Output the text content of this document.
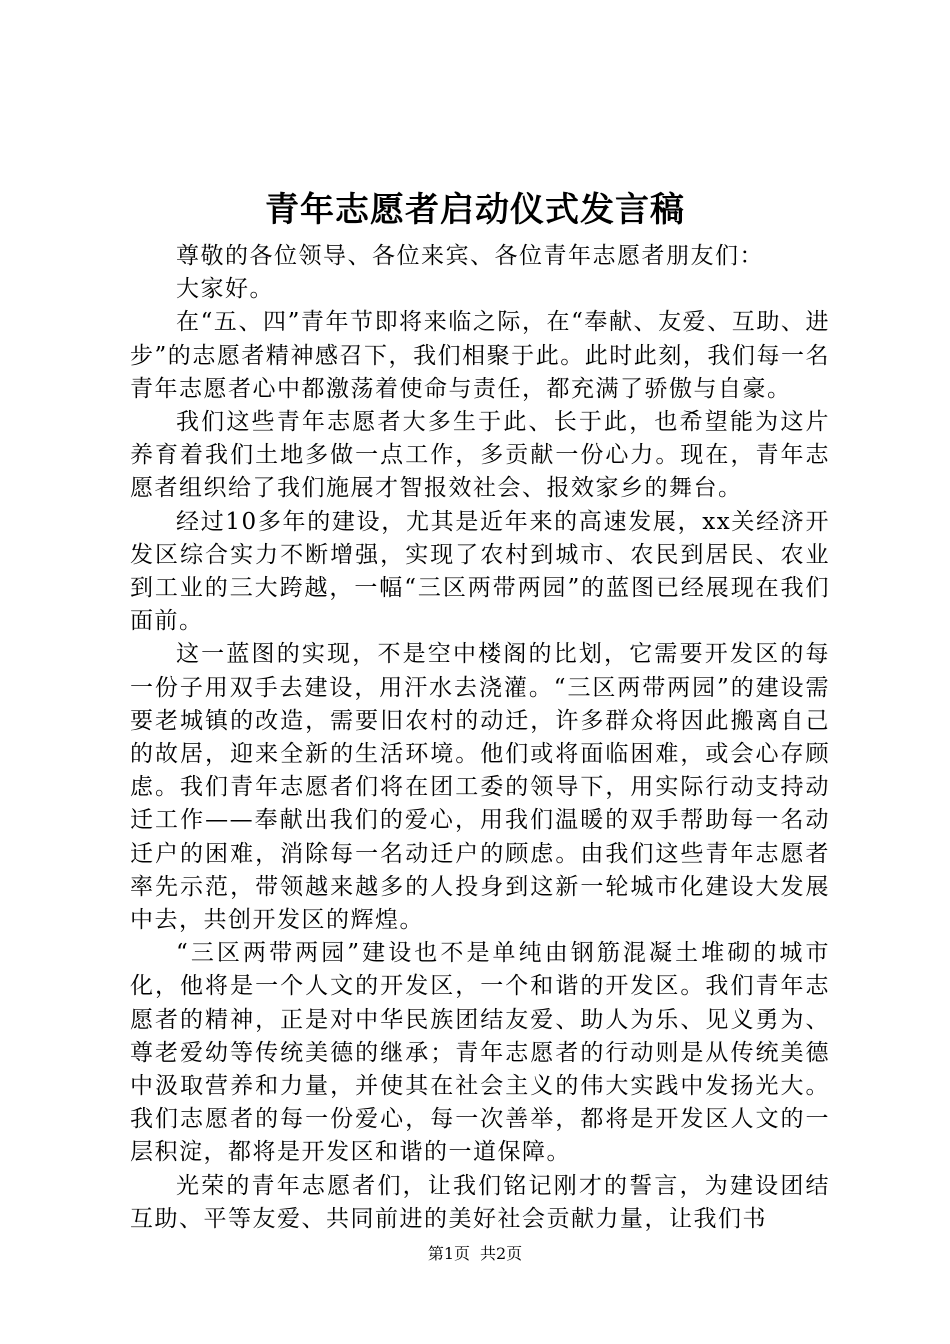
青年志愿者启动仪式发言稿

尊敬的各位领导、各位来宾、各位青年志愿者朋友们：

大家好。

在“五、四”青年节即将来临之际，在“奉献、友爱、互助、进步”的志愿者精神感召下，我们相聚于此。此时此刻，我们每一名青年志愿者心中都激荡着使命与责任，都充满了骄傲与自豪。

我们这些青年志愿者大多生于此、长于此，也希望能为这片养育着我们土地多做一点工作，多贡献一份心力。现在，青年志愿者组织给了我们施展才智报效社会、报效家乡的舞台。

经过10多年的建设，尤其是近年来的高速发展，xx关经济开发区综合实力不断增强，实现了农村到城市、农民到居民、农业到工业的三大跨越，一幅“三区两带两园”的蓝图已经展现在我们面前。

这一蓝图的实现，不是空中楼阁的比划，它需要开发区的每一份子用双手去建设，用汗水去浇灌。“三区两带两园”的建设需要老城镇的改造，需要旧农村的动迁，许多群众将因此搬离自己的故居，迎来全新的生活环境。他们或将面临困难，或会心存顾虑。我们青年志愿者们将在团工委的领导下，用实际行动支持动迁工作——奉献出我们的爱心，用我们温暖的双手帮助每一名动迁户的困难，消除每一名动迁户的顾虑。由我们这些青年志愿者率先示范，带领越来越多的人投身到这新一轮城市化建设大发展中去，共创开发区的辉煌。

“三区两带两园”建设也不是单纯由钢筋混凝土堆砌的城市化，他将是一个人文的开发区，一个和谐的开发区。我们青年志愿者的精神，正是对中华民族团结友爱、助人为乐、见义勇为、尊老爱幼等传统美德的继承；青年志愿者的行动则是从传统美德中汲取营养和力量，并使其在社会主义的伟大实践中发扬光大。我们志愿者的每一份爱心，每一次善举，都将是开发区人文的一层积淀，都将是开发区和谐的一道保障。

光荣的青年志愿者们，让我们铭记刚才的誓言，为建设团结互助、平等友爱、共同前进的美好社会贡献力量，让我们书

第1页 共2页
